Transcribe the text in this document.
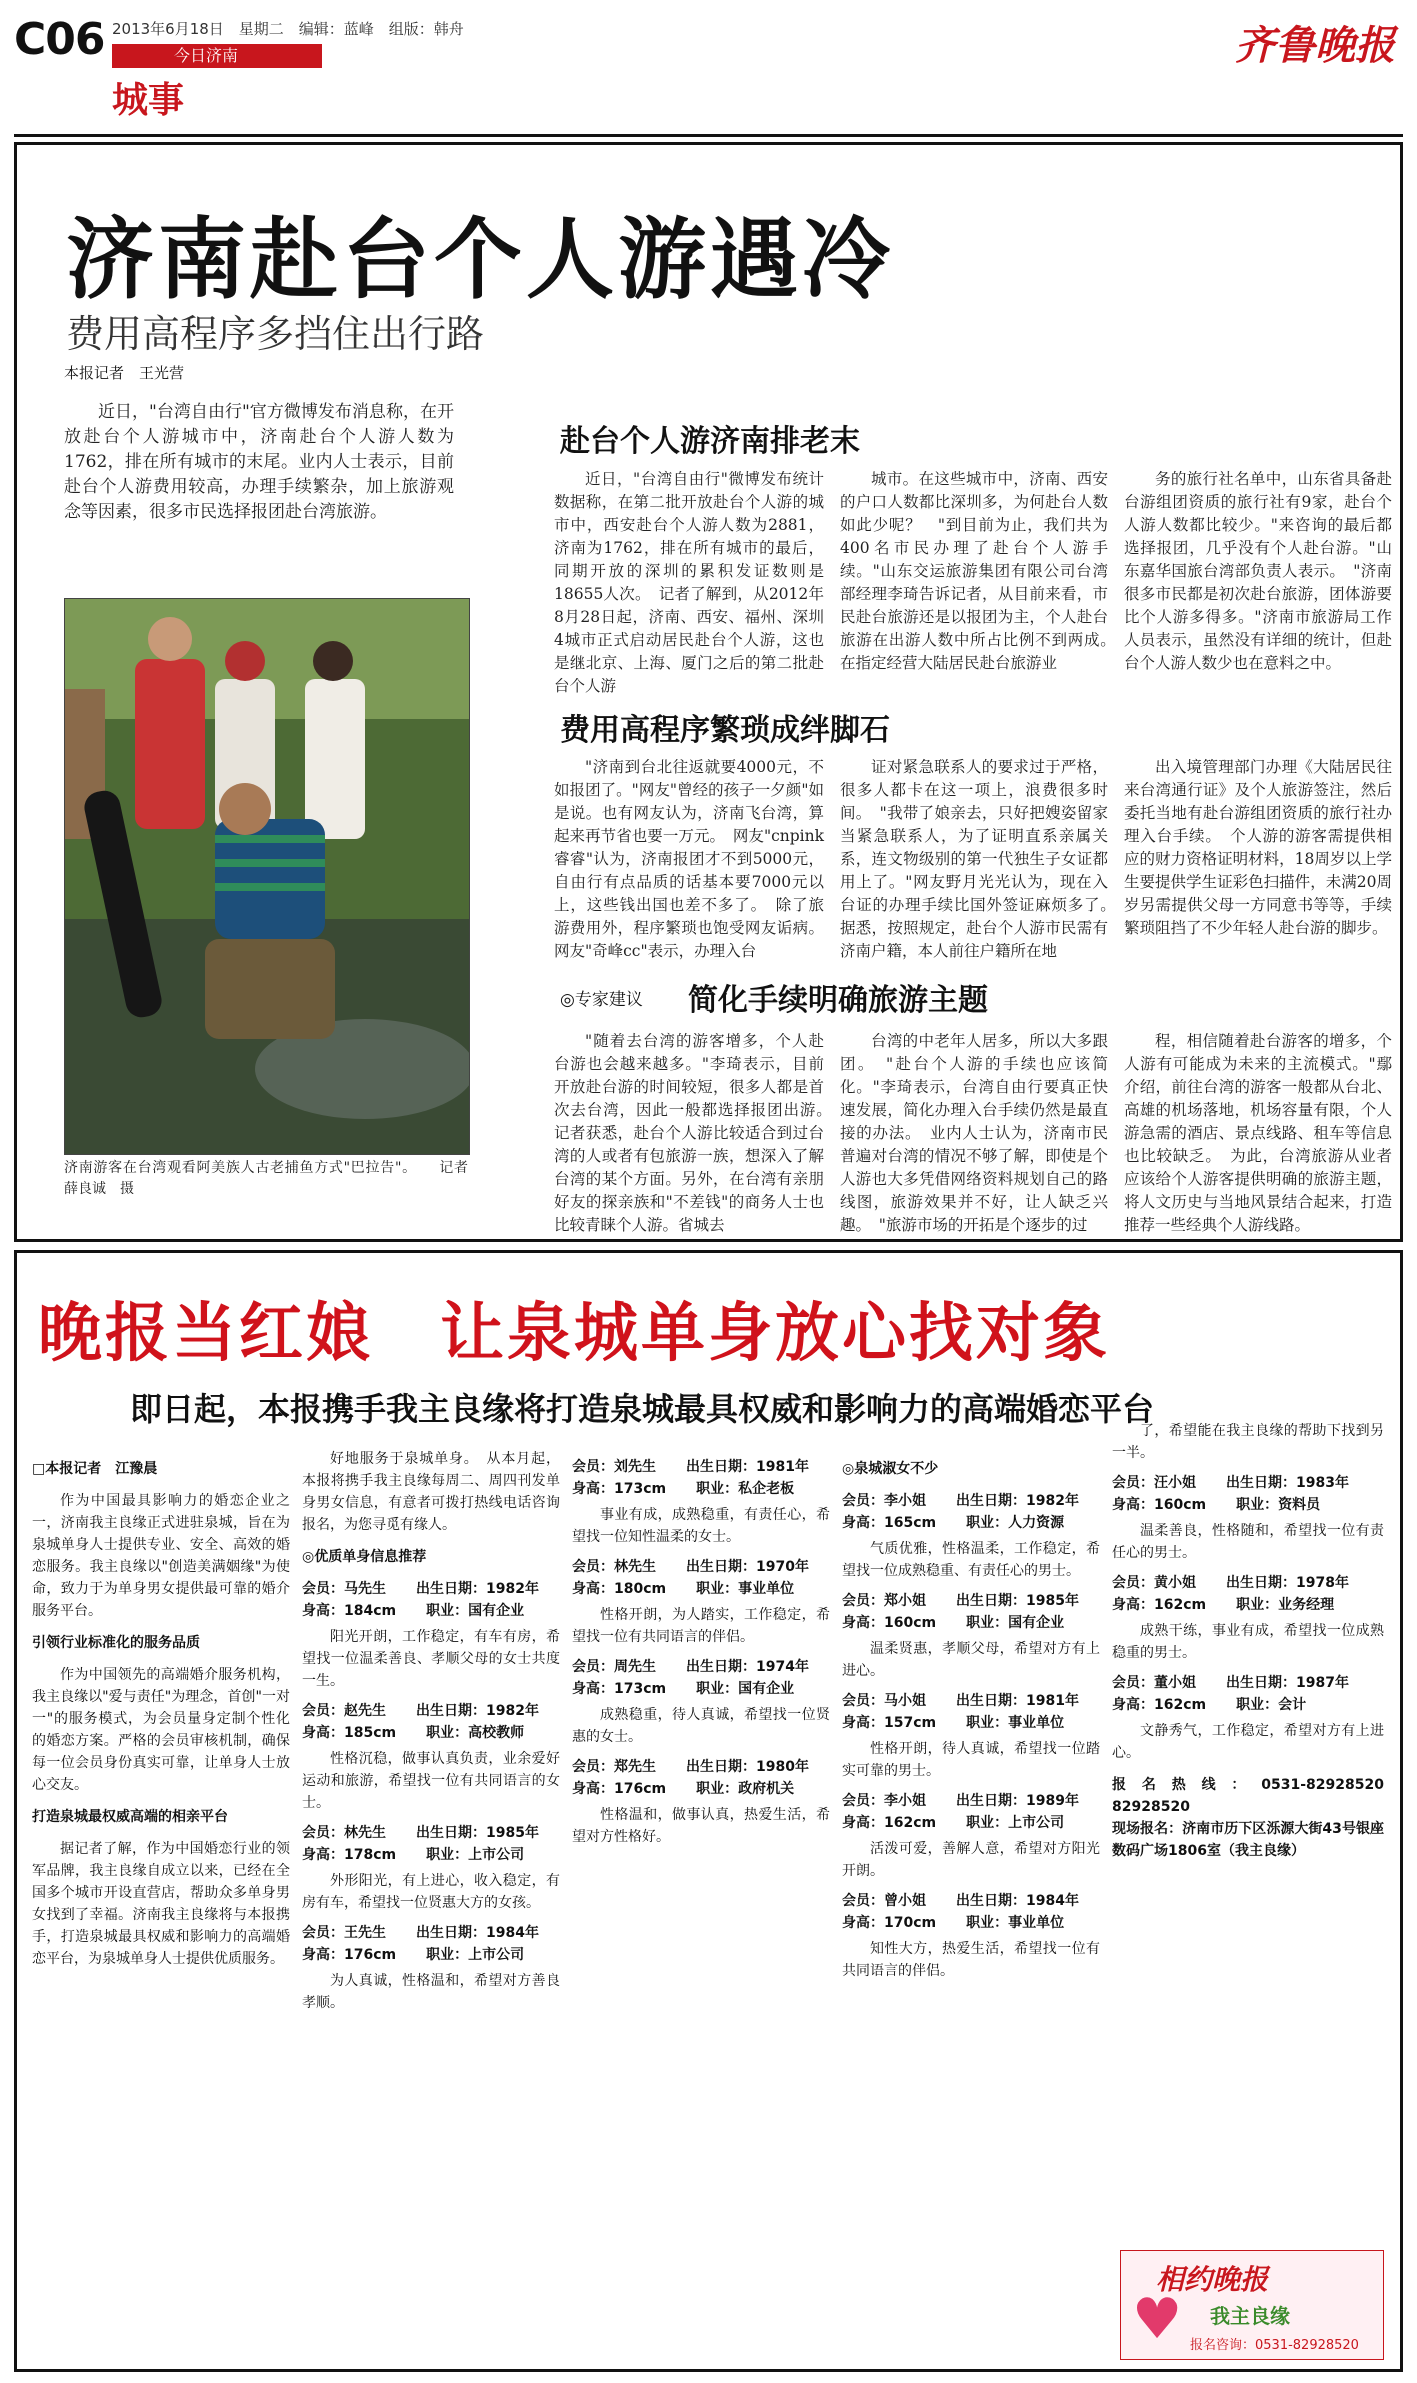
C06 2013年6月18日　星期二　编辑：蓝峰　组版：韩舟
今日济南
城事
齐鲁晚报
济南赴台个人游遇冷
费用高程序多挡住出行路
本报记者　王光营

近日，"台湾自由行"官方微博发布消息称，在开放赴台个人游城市中，济南赴台个人游人数为1762，排在所有城市的末尾。业内人士表示，目前赴台个人游费用较高，办理手续繁杂，加上旅游观念等因素，很多市民选择报团赴台湾旅游。

济南游客在台湾观看阿美族人古老捕鱼方式"巴拉告"。　　记者　薛良诚　摄
赴台个人游济南排老末

近日，"台湾自由行"微博发布统计数据称，在第二批开放赴台个人游的城市中，西安赴台个人游人数为2881，济南为1762，排在所有城市的最后，同期开放的深圳的累积发证数则是18655人次。　记者了解到，从2012年8月28日起，济南、西安、福州、深圳4城市正式启动居民赴台个人游，这也是继北京、上海、厦门之后的第二批赴台个人游

城市。在这些城市中，济南、西安的户口人数都比深圳多，为何赴台人数如此少呢？　"到目前为止，我们共为400名市民办理了赴台个人游手续。"山东交运旅游集团有限公司台湾部经理李琦告诉记者，从目前来看，市民赴台旅游还是以报团为主，个人赴台旅游在出游人数中所占比例不到两成。　在指定经营大陆居民赴台旅游业

务的旅行社名单中，山东省具备赴台游组团资质的旅行社有9家，赴台个人游人数都比较少。"来咨询的最后都选择报团，几乎没有个人赴台游。"山东嘉华国旅台湾部负责人表示。　"济南很多市民都是初次赴台旅游，团体游要比个人游多得多。"济南市旅游局工作人员表示，虽然没有详细的统计，但赴台个人游人数少也在意料之中。

费用高程序繁琐成绊脚石

"济南到台北往返就要4000元，不如报团了。"网友"曾经的孩子一夕颜"如是说。也有网友认为，济南飞台湾，算起来再节省也要一万元。　网友"cnpink睿睿"认为，济南报团才不到5000元，自由行有点品质的话基本要7000元以上，这些钱出国也差不多了。　除了旅游费用外，程序繁琐也饱受网友诟病。网友"奇峰cc"表示，办理入台

证对紧急联系人的要求过于严格，很多人都卡在这一项上，浪费很多时间。　"我带了娘亲去，只好把嫂姿留家当紧急联系人，为了证明直系亲属关系，连文物级别的第一代独生子女证都用上了。"网友野月光光认为，现在入台证的办理手续比国外签证麻烦多了。　据悉，按照规定，赴台个人游市民需有济南户籍，本人前往户籍所在地

出入境管理部门办理《大陆居民往来台湾通行证》及个人旅游签注，然后委托当地有赴台游组团资质的旅行社办理入台手续。　个人游的游客需提供相应的财力资格证明材料，18周岁以上学生要提供学生证彩色扫描件，未满20周岁另需提供父母一方同意书等等，手续繁琐阻挡了不少年轻人赴台游的脚步。

◎专家建议 简化手续明确旅游主题

"随着去台湾的游客增多，个人赴台游也会越来越多。"李琦表示，目前开放赴台游的时间较短，很多人都是首次去台湾，因此一般都选择报团出游。　记者获悉，赴台个人游比较适合到过台湾的人或者有包旅游一族，想深入了解台湾的某个方面。另外，在台湾有亲朋好友的探亲族和"不差钱"的商务人士也比较青睐个人游。省城去

台湾的中老年人居多，所以大多跟团。　"赴台个人游的手续也应该简化。"李琦表示，台湾自由行要真正快速发展，简化办理入台手续仍然是最直接的办法。　业内人士认为，济南市民普遍对台湾的情况不够了解，即使是个人游也大多凭借网络资料规划自己的路线图，旅游效果并不好，让人缺乏兴趣。　"旅游市场的开拓是个逐步的过

程，相信随着赴台游客的增多，个人游有可能成为未来的主流模式。"鄢介绍，前往台湾的游客一般都从台北、高雄的机场落地，机场容量有限，个人游急需的酒店、景点线路、租车等信息也比较缺乏。　为此，台湾旅游从业者应该给个人游客提供明确的旅游主题，将人文历史与当地风景结合起来，打造推荐一些经典个人游线路。

晚报当红娘　让泉城单身放心找对象
即日起，本报携手我主良缘将打造泉城最具权威和影响力的高端婚恋平台

□本报记者　江豫晨

作为中国最具影响力的婚恋企业之一，济南我主良缘正式进驻泉城，旨在为泉城单身人士提供专业、安全、高效的婚恋服务。我主良缘以"创造美满姻缘"为使命，致力于为单身男女提供最可靠的婚介服务平台。

引领行业标准化的服务品质

作为中国领先的高端婚介服务机构，我主良缘以"爱与责任"为理念，首创"一对一"的服务模式，为会员量身定制个性化的婚恋方案。严格的会员审核机制，确保每一位会员身份真实可靠，让单身人士放心交友。

打造泉城最权威高端的相亲平台

据记者了解，作为中国婚恋行业的领军品牌，我主良缘自成立以来，已经在全国多个城市开设直营店，帮助众多单身男女找到了幸福。济南我主良缘将与本报携手，打造泉城最具权威和影响力的高端婚恋平台，为泉城单身人士提供优质服务。

好地服务于泉城单身。　从本月起，本报将携手我主良缘每周二、周四刊发单身男女信息，有意者可拨打热线电话咨询报名，为您寻觅有缘人。

◎优质单身信息推荐

会员：马先生 出生日期：1982年
身高：184cm 职业：国有企业

阳光开朗，工作稳定，有车有房，希望找一位温柔善良、孝顺父母的女士共度一生。

会员：赵先生 出生日期：1982年
身高：185cm 职业：高校教师

性格沉稳，做事认真负责，业余爱好运动和旅游，希望找一位有共同语言的女士。

会员：林先生 出生日期：1985年
身高：178cm 职业：上市公司

外形阳光，有上进心，收入稳定，有房有车，希望找一位贤惠大方的女孩。

会员：王先生 出生日期：1984年
身高：176cm 职业：上市公司

为人真诚，性格温和，希望对方善良孝顺。

会员：刘先生 出生日期：1981年
身高：173cm 职业：私企老板

事业有成，成熟稳重，有责任心，希望找一位知性温柔的女士。

会员：林先生 出生日期：1970年
身高：180cm 职业：事业单位

性格开朗，为人踏实，工作稳定，希望找一位有共同语言的伴侣。

会员：周先生 出生日期：1974年
身高：173cm 职业：国有企业

成熟稳重，待人真诚，希望找一位贤惠的女士。

会员：郑先生 出生日期：1980年
身高：176cm 职业：政府机关

性格温和，做事认真，热爱生活，希望对方性格好。

◎泉城淑女不少

会员：李小姐 出生日期：1982年
身高：165cm 职业：人力资源

气质优雅，性格温柔，工作稳定，希望找一位成熟稳重、有责任心的男士。

会员：郑小姐 出生日期：1985年
身高：160cm 职业：国有企业

温柔贤惠，孝顺父母，希望对方有上进心。

会员：马小姐 出生日期：1981年
身高：157cm 职业：事业单位

性格开朗，待人真诚，希望找一位踏实可靠的男士。

会员：李小姐 出生日期：1989年
身高：162cm 职业：上市公司

活泼可爱，善解人意，希望对方阳光开朗。

会员：曾小姐 出生日期：1984年
身高：170cm 职业：事业单位

知性大方，热爱生活，希望找一位有共同语言的伴侣。

了，希望能在我主良缘的帮助下找到另一半。

会员：汪小姐 出生日期：1983年
身高：160cm 职业：资料员

温柔善良，性格随和，希望找一位有责任心的男士。

会员：黄小姐 出生日期：1978年
身高：162cm 职业：业务经理

成熟干练，事业有成，希望找一位成熟稳重的男士。

会员：董小姐 出生日期：1987年
身高：162cm 职业：会计

文静秀气，工作稳定，希望对方有上进心。

报名热线：0531-82928520　82928520
现场报名：济南市历下区泺源大街43号银座数码广场1806室（我主良缘）

♥
相约晚报
我主良缘
报名咨询：0531-82928520
